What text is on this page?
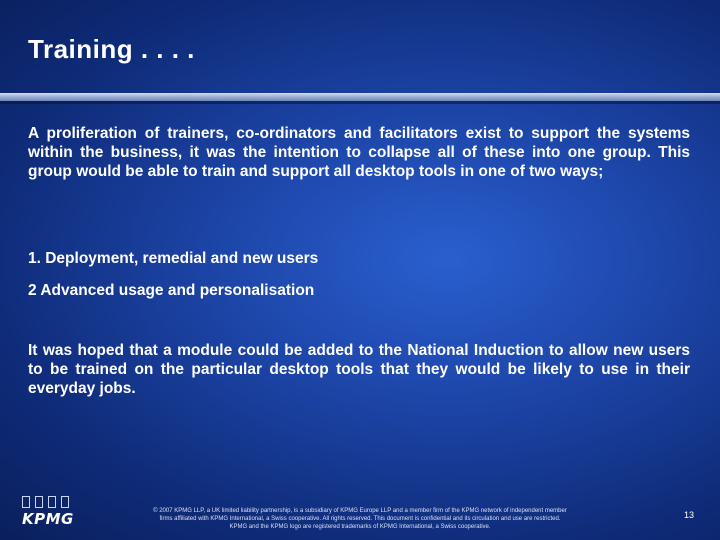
Training . . . .
A proliferation of trainers, co-ordinators and facilitators exist to support the systems within the business, it was the intention to collapse all of these into one group. This group would be able to train and support all desktop tools in one of two ways;
1. Deployment, remedial and new users
2 Advanced usage and personalisation
It was hoped that a module could be added to the National Induction to allow new users to be trained on the particular desktop tools that they would be likely to use in their everyday jobs.
KPMG	© 2007 KPMG LLP, a UK limited liability partnership, is a subsidiary of KPMG Europe LLP and a member firm of the KPMG network of independent member
firms affiliated with KPMG International, a Swiss cooperative. All rights reserved. This document is confidential and its circulation and use are restricted.
KPMG and the KPMG logo are registered trademarks of KPMG International, a Swiss cooperative.
13
